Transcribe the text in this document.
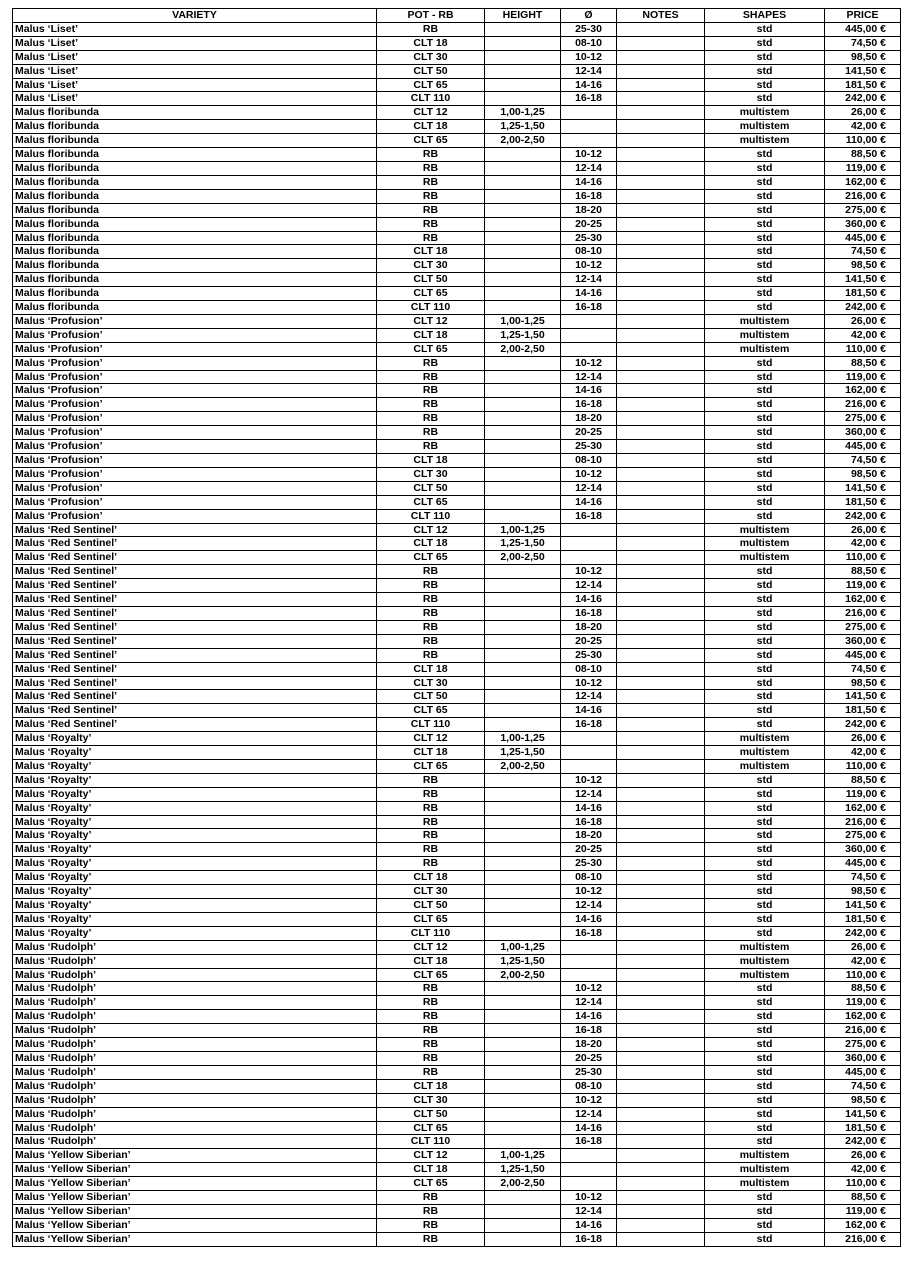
VARIETY	POT - RB	HEIGHT	Ø	NOTES	SHAPES	PRICE
Malus ‘Liset’	RB		25-30		std	445,00 €
Malus ‘Liset’	CLT 18		08-10		std	74,50 €
Malus ‘Liset’	CLT 30		10-12		std	98,50 €
Malus ‘Liset’	CLT 50		12-14		std	141,50 €
Malus ‘Liset’	CLT 65		14-16		std	181,50 €
Malus ‘Liset’	CLT 110		16-18		std	242,00 €
Malus floribunda	CLT 12	1,00-1,25			multistem	26,00 €
Malus floribunda	CLT 18	1,25-1,50			multistem	42,00 €
Malus floribunda	CLT 65	2,00-2,50			multistem	110,00 €
Malus floribunda	RB		10-12		std	88,50 €
Malus floribunda	RB		12-14		std	119,00 €
Malus floribunda	RB		14-16		std	162,00 €
Malus floribunda	RB		16-18		std	216,00 €
Malus floribunda	RB		18-20		std	275,00 €
Malus floribunda	RB		20-25		std	360,00 €
Malus floribunda	RB		25-30		std	445,00 €
Malus floribunda	CLT 18		08-10		std	74,50 €
Malus floribunda	CLT 30		10-12		std	98,50 €
Malus floribunda	CLT 50		12-14		std	141,50 €
Malus floribunda	CLT 65		14-16		std	181,50 €
Malus floribunda	CLT 110		16-18		std	242,00 €
Malus ‘Profusion’	CLT 12	1,00-1,25			multistem	26,00 €
Malus ‘Profusion’	CLT 18	1,25-1,50			multistem	42,00 €
Malus ‘Profusion’	CLT 65	2,00-2,50			multistem	110,00 €
Malus ‘Profusion’	RB		10-12		std	88,50 €
Malus ‘Profusion’	RB		12-14		std	119,00 €
Malus ‘Profusion’	RB		14-16		std	162,00 €
Malus ‘Profusion’	RB		16-18		std	216,00 €
Malus ‘Profusion’	RB		18-20		std	275,00 €
Malus ‘Profusion’	RB		20-25		std	360,00 €
Malus ‘Profusion’	RB		25-30		std	445,00 €
Malus ‘Profusion’	CLT 18		08-10		std	74,50 €
Malus ‘Profusion’	CLT 30		10-12		std	98,50 €
Malus ‘Profusion’	CLT 50		12-14		std	141,50 €
Malus ‘Profusion’	CLT 65		14-16		std	181,50 €
Malus ‘Profusion’	CLT 110		16-18		std	242,00 €
Malus ‘Red Sentinel’	CLT 12	1,00-1,25			multistem	26,00 €
Malus ‘Red Sentinel’	CLT 18	1,25-1,50			multistem	42,00 €
Malus ‘Red Sentinel’	CLT 65	2,00-2,50			multistem	110,00 €
Malus ‘Red Sentinel’	RB		10-12		std	88,50 €
Malus ‘Red Sentinel’	RB		12-14		std	119,00 €
Malus ‘Red Sentinel’	RB		14-16		std	162,00 €
Malus ‘Red Sentinel’	RB		16-18		std	216,00 €
Malus ‘Red Sentinel’	RB		18-20		std	275,00 €
Malus ‘Red Sentinel’	RB		20-25		std	360,00 €
Malus ‘Red Sentinel’	RB		25-30		std	445,00 €
Malus ‘Red Sentinel’	CLT 18		08-10		std	74,50 €
Malus ‘Red Sentinel’	CLT 30		10-12		std	98,50 €
Malus ‘Red Sentinel’	CLT 50		12-14		std	141,50 €
Malus ‘Red Sentinel’	CLT 65		14-16		std	181,50 €
Malus ‘Red Sentinel’	CLT 110		16-18		std	242,00 €
Malus ‘Royalty’	CLT 12	1,00-1,25			multistem	26,00 €
Malus ‘Royalty’	CLT 18	1,25-1,50			multistem	42,00 €
Malus ‘Royalty’	CLT 65	2,00-2,50			multistem	110,00 €
Malus ‘Royalty’	RB		10-12		std	88,50 €
Malus ‘Royalty’	RB		12-14		std	119,00 €
Malus ‘Royalty’	RB		14-16		std	162,00 €
Malus ‘Royalty’	RB		16-18		std	216,00 €
Malus ‘Royalty’	RB		18-20		std	275,00 €
Malus ‘Royalty’	RB		20-25		std	360,00 €
Malus ‘Royalty’	RB		25-30		std	445,00 €
Malus ‘Royalty’	CLT 18		08-10		std	74,50 €
Malus ‘Royalty’	CLT 30		10-12		std	98,50 €
Malus ‘Royalty’	CLT 50		12-14		std	141,50 €
Malus ‘Royalty’	CLT 65		14-16		std	181,50 €
Malus ‘Royalty’	CLT 110		16-18		std	242,00 €
Malus ‘Rudolph’	CLT 12	1,00-1,25			multistem	26,00 €
Malus ‘Rudolph’	CLT 18	1,25-1,50			multistem	42,00 €
Malus ‘Rudolph’	CLT 65	2,00-2,50			multistem	110,00 €
Malus ‘Rudolph’	RB		10-12		std	88,50 €
Malus ‘Rudolph’	RB		12-14		std	119,00 €
Malus ‘Rudolph’	RB		14-16		std	162,00 €
Malus ‘Rudolph’	RB		16-18		std	216,00 €
Malus ‘Rudolph’	RB		18-20		std	275,00 €
Malus ‘Rudolph’	RB		20-25		std	360,00 €
Malus ‘Rudolph’	RB		25-30		std	445,00 €
Malus ‘Rudolph’	CLT 18		08-10		std	74,50 €
Malus ‘Rudolph’	CLT 30		10-12		std	98,50 €
Malus ‘Rudolph’	CLT 50		12-14		std	141,50 €
Malus ‘Rudolph’	CLT 65		14-16		std	181,50 €
Malus ‘Rudolph’	CLT 110		16-18		std	242,00 €
Malus ‘Yellow Siberian’	CLT 12	1,00-1,25			multistem	26,00 €
Malus ‘Yellow Siberian’	CLT 18	1,25-1,50			multistem	42,00 €
Malus ‘Yellow Siberian’	CLT 65	2,00-2,50			multistem	110,00 €
Malus ‘Yellow Siberian’	RB		10-12		std	88,50 €
Malus ‘Yellow Siberian’	RB		12-14		std	119,00 €
Malus ‘Yellow Siberian’	RB		14-16		std	162,00 €
Malus ‘Yellow Siberian’	RB		16-18		std	216,00 €
